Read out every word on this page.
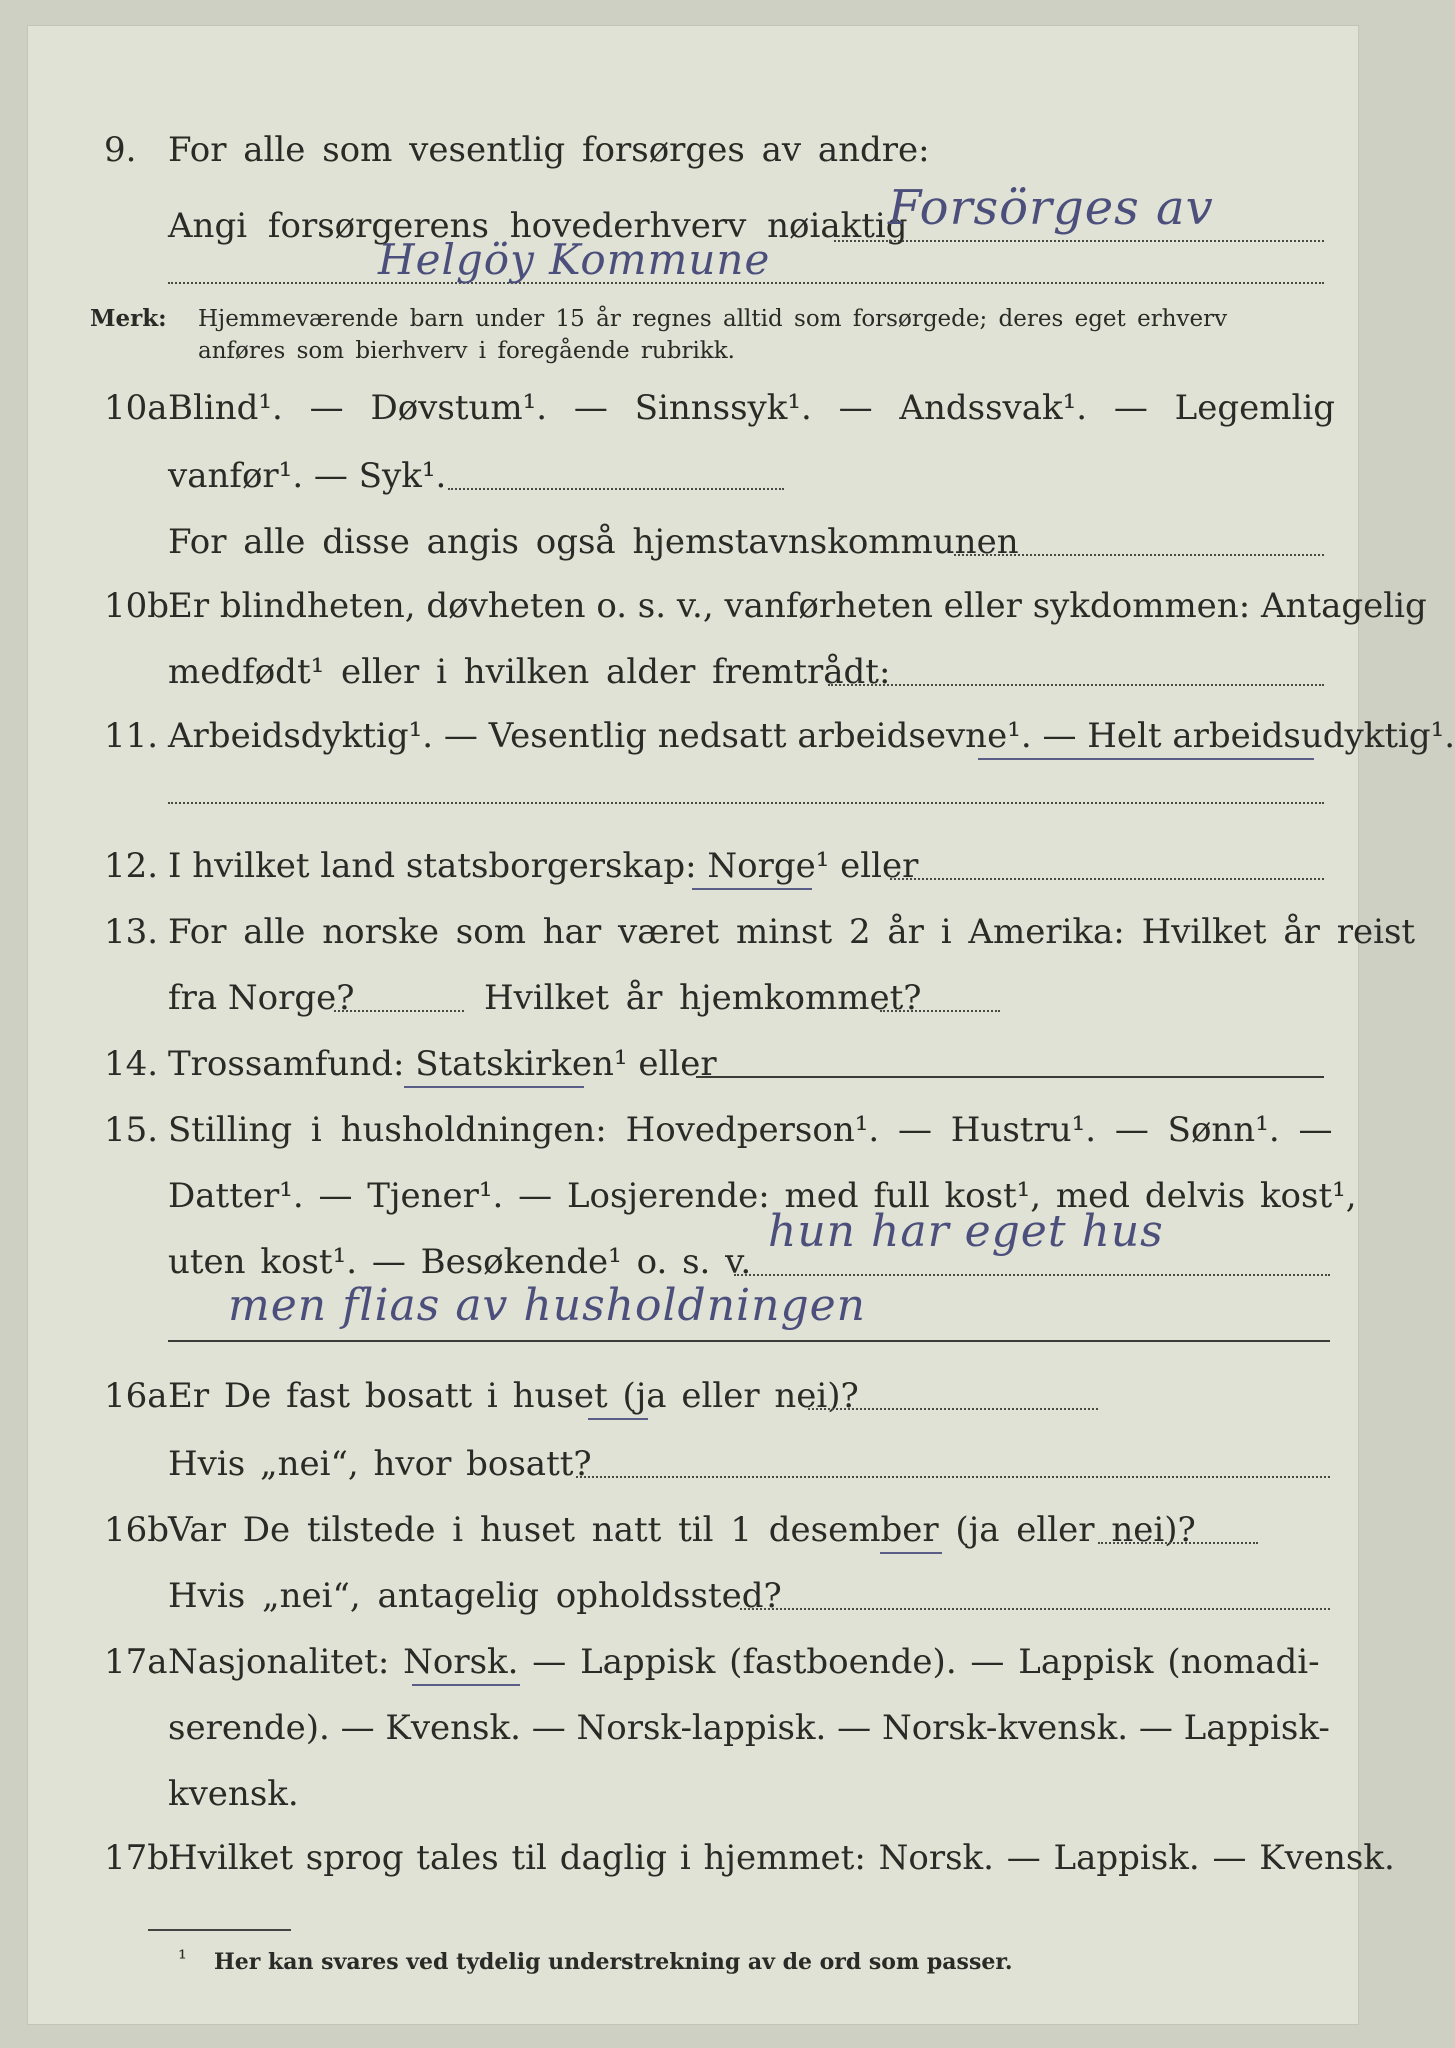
9. For alle som vesentlig forsørges av andre:
Angi forsørgerens hovederhverv nøiaktig
Forsörges av
Helgöy Kommune
Merk: Hjemmeværende barn under 15 år regnes alltid som forsørgede; deres eget erhverv
anføres som bierhverv i foregående rubrikk.
10a Blind¹. — Døvstum¹. — Sinnssyk¹. — Andssvak¹. — Legemlig
vanfør¹. — Syk¹.
For alle disse angis også hjemstavnskommunen
10b
Er blindheten, døvheten o. s. v., vanførheten eller sykdommen: Antagelig
medfødt¹ eller i hvilken alder fremtrådt:
11. Arbeidsdyktig¹. — Vesentlig nedsatt arbeidsevne¹. — Helt arbeidsudyktig¹.
12. I hvilket land statsborgerskap: Norge¹ eller
13. For alle norske som har været minst 2 år i Amerika: Hvilket år reist
fra Norge?	Hvilket år hjemkommet?
14. Trossamfund: Statskirken¹ eller
15. Stilling i husholdningen: Hovedperson¹. — Hustru¹. — Sønn¹. —
Datter¹. — Tjener¹. — Losjerende: med full kost¹, med delvis kost¹,
uten kost¹. — Besøkende¹ o. s. v.
hun har eget hus
men flias av husholdningen
16a Er De fast bosatt i huset (ja eller nei)?
Hvis „nei“, hvor bosatt?
16b
Var De tilstede i huset natt til 1 desember (ja eller nei)?
Hvis „nei“, antagelig opholdssted?
17a Nasjonalitet: Norsk. — Lappisk (fastboende). — Lappisk (nomadi-
serende). — Kvensk. — Norsk-lappisk. — Norsk-kvensk. — Lappisk-
kvensk.
17b
Hvilket sprog tales til daglig i hjemmet: Norsk. — Lappisk. — Kvensk.
¹ Her kan svares ved tydelig understrekning av de ord som passer.
